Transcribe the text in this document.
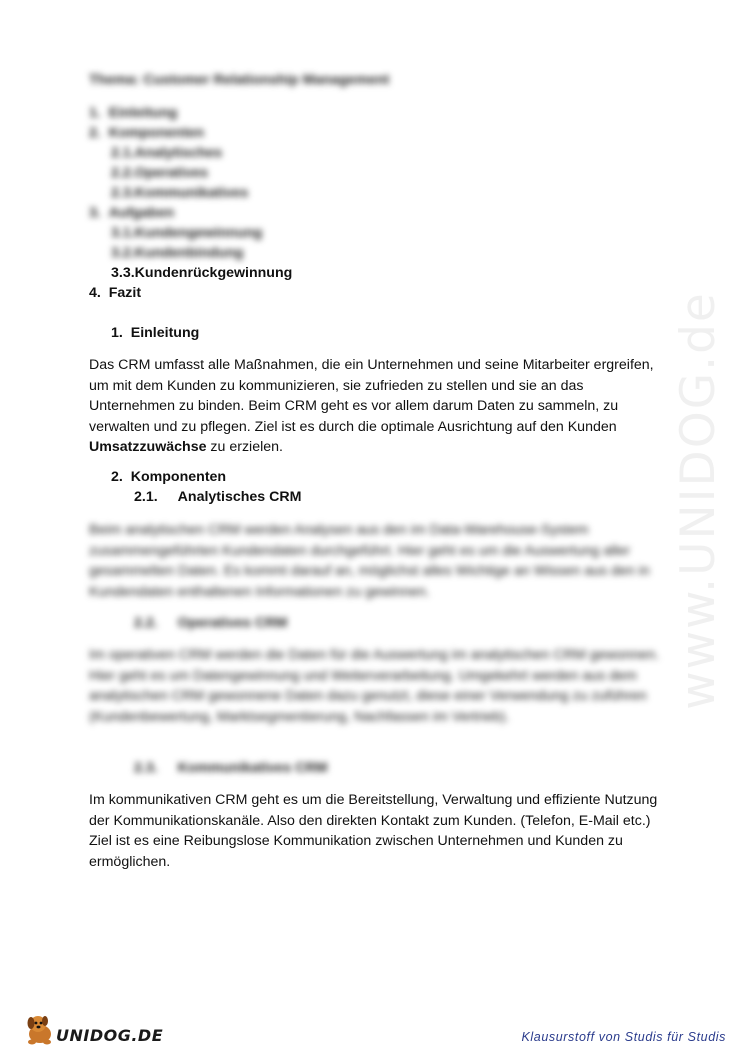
Thema: Customer Relationship Management
1. Einleitung
2. Komponenten
2.1.Analytisches
2.2.Operatives
2.3.Kommunikatives
3. Aufgaben
3.1.Kundengewinnung
3.2.Kundenbindung
3.3.Kundenrückgewinnung
4. Fazit
1. Einleitung
Das CRM umfasst alle Maßnahmen, die ein Unternehmen und seine Mitarbeiter ergreifen, um mit dem Kunden zu kommunizieren, sie zufrieden zu stellen und sie an das Unternehmen zu binden. Beim CRM geht es vor allem darum Daten zu sammeln, zu verwalten und zu pflegen. Ziel ist es durch die optimale Ausrichtung auf den Kunden Umsatzzuwächse zu erzielen.
2. Komponenten
2.1. Analytisches CRM
Beim analytischen CRM werden Analysen aus den im Data-Warehouse-System zusammengeführten Kundendaten durchgeführt. Hier geht es um die Auswertung aller gesammelten Daten. Es kommt darauf an, möglichst alles Wichtige an Wissen aus den in Kundendaten enthaltenen Informationen zu gewinnen.
2.2. Operatives CRM
Im operativen CRM werden die Daten für die Auswertung im analytischen CRM gewonnen. Hier geht es um Datengewinnung und Weiterverarbeitung. Umgekehrt werden aus dem analytischen CRM gewonnene Daten dazu genutzt, diese einer Verwendung zu zuführen (Kundenbewertung, Marktsegmentierung, Nachfassen im Vertrieb).
2.3. Kommunikatives CRM
Im kommunikativen CRM geht es um die Bereitstellung, Verwaltung und effiziente Nutzung der Kommunikationskanäle. Also den direkten Kontakt zum Kunden. (Telefon, E-Mail etc.) Ziel ist es eine Reibungslose Kommunikation zwischen Unternehmen und Kunden zu ermöglichen.
www.UNIDOG.de
UNIDOG.DE	Klausurstoff von Studis für Studis
